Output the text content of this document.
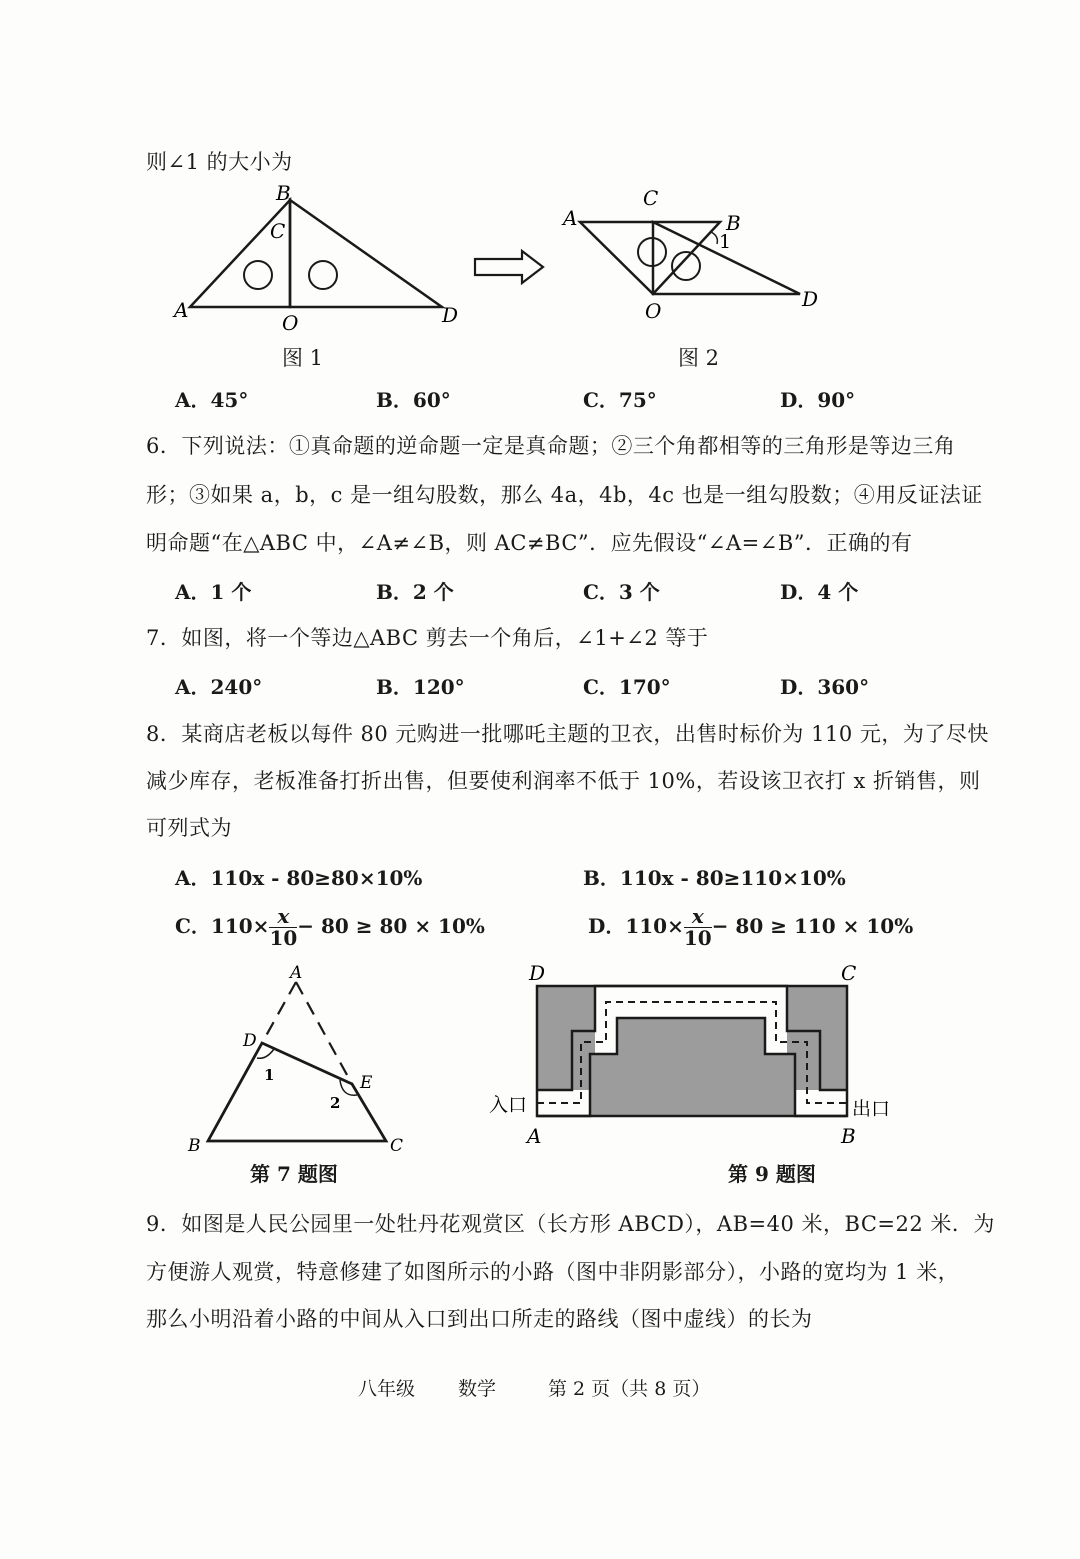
则∠1 的大小为
B
C
A
O	D
图 1
C
A	B
1
O	D
图 2
A．45°	B．60°	C．75°	D．90°
6．下列说法：①真命题的逆命题一定是真命题；②三个角都相等的三角形是等边三角
形；③如果 a，b，c 是一组勾股数，那么 4a，4b，4c 也是一组勾股数；④用反证法证
明命题“在△ABC 中，∠A≠∠B，则 AC≠BC”．应先假设“∠A=∠B”．正确的有
A．1 个	B．2 个	C．3 个	D．4 个
7．如图，将一个等边△ABC 剪去一个角后，∠1+∠2 等于
A．240°	B．120°	C．170°	D．360°
8．某商店老板以每件 80 元购进一批哪吒主题的卫衣，出售时标价为 110 元，为了尽快
减少库存，老板准备打折出售，但要使利润率不低于 10%，若设该卫衣打 x 折销售，则
可列式为
A．110x - 80≥80×10%	B．110x - 80≥110×10%
C．$110\times \frac{x}{10} - 80 \ge 80 \times 10\%$	D．$110\times \frac{x}{10} - 80 \ge 110 \times 10\%$
A
D
1	E
2
B	C
第 7 题图
D	C
入口	出口
A	B
第 9 题图
9．如图是人民公园里一处牡丹花观赏区（长方形 ABCD），AB=40 米，BC=22 米．为
方便游人观赏，特意修建了如图所示的小路（图中非阴影部分），小路的宽均为 1 米，
那么小明沿着小路的中间从入口到出口所走的路线（图中虚线）的长为
八年级 数学	第 2 页（共 8 页）
